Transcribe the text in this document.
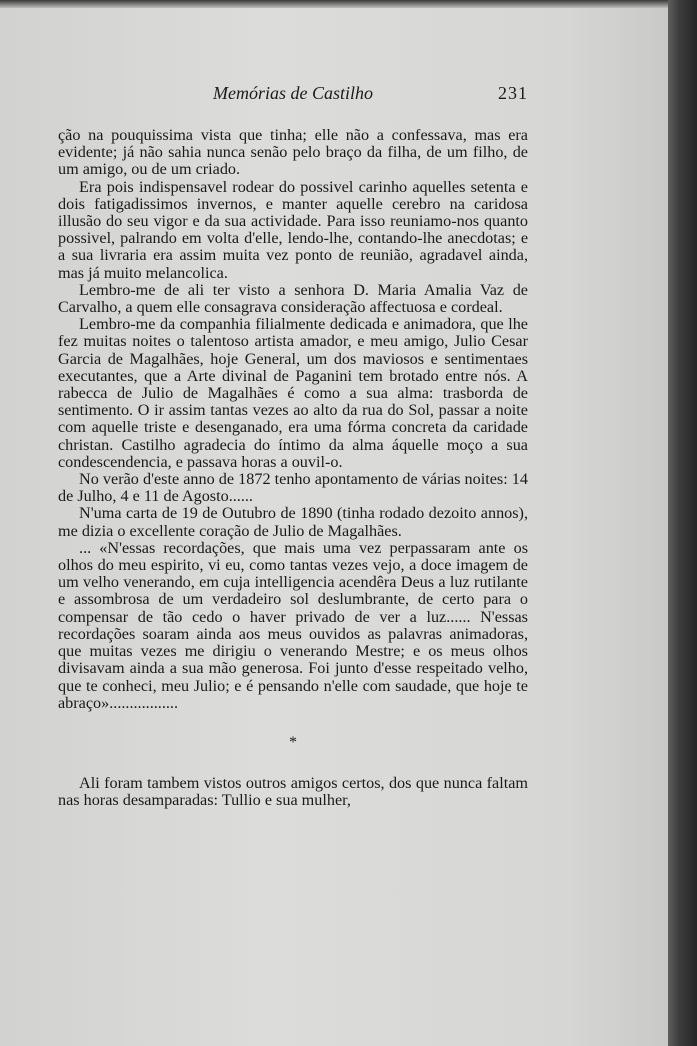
Memórias de Castilho	231

ção na pouquissima vista que tinha; elle não a confessava, mas era evidente; já não sahia nunca senão pelo braço da filha, de um filho, de um amigo, ou de um criado.

Era pois indispensavel rodear do possivel carinho aquelles setenta e dois fatigadissimos invernos, e manter aquelle cerebro na caridosa illusão do seu vigor e da sua actividade. Para isso reuniamo-nos quanto possivel, palrando em volta d'elle, lendo-lhe, contando-lhe anecdotas; e a sua livraria era assim muita vez ponto de reunião, agradavel ainda, mas já muito melancolica.

Lembro-me de ali ter visto a senhora D. Maria Amalia Vaz de Carvalho, a quem elle consagrava consideração affectuosa e cordeal.

Lembro-me da companhia filialmente dedicada e animadora, que lhe fez muitas noites o talentoso artista amador, e meu amigo, Julio Cesar Garcia de Magalhães, hoje General, um dos maviosos e sentimentaes executantes, que a Arte divinal de Paganini tem brotado entre nós. A rabecca de Julio de Magalhães é como a sua alma: trasborda de sentimento. O ir assim tantas vezes ao alto da rua do Sol, passar a noite com aquelle triste e desenganado, era uma fórma concreta da caridade christan. Castilho agradecia do íntimo da alma áquelle moço a sua condescendencia, e passava horas a ouvil-o.

No verão d'este anno de 1872 tenho apontamento de várias noites: 14 de Julho, 4 e 11 de Agosto......

N'uma carta de 19 de Outubro de 1890 (tinha rodado dezoito annos), me dizia o excellente coração de Julio de Magalhães.

... «N'essas recordações, que mais uma vez perpassaram ante os olhos do meu espirito, vi eu, como tantas vezes vejo, a doce imagem de um velho venerando, em cuja intelligencia acendêra Deus a luz rutilante e assombrosa de um verdadeiro sol deslumbrante, de certo para o compensar de tão cedo o haver privado de ver a luz...... N'essas recordações soaram ainda aos meus ouvidos as palavras animadoras, que muitas vezes me dirigiu o venerando Mestre; e os meus olhos divisavam ainda a sua mão generosa. Foi junto d'esse respeitado velho, que te conheci, meu Julio; e é pensando n'elle com saudade, que hoje te abraço».................

*

Ali foram tambem vistos outros amigos certos, dos que nunca faltam nas horas desamparadas: Tullio e sua mulher,
